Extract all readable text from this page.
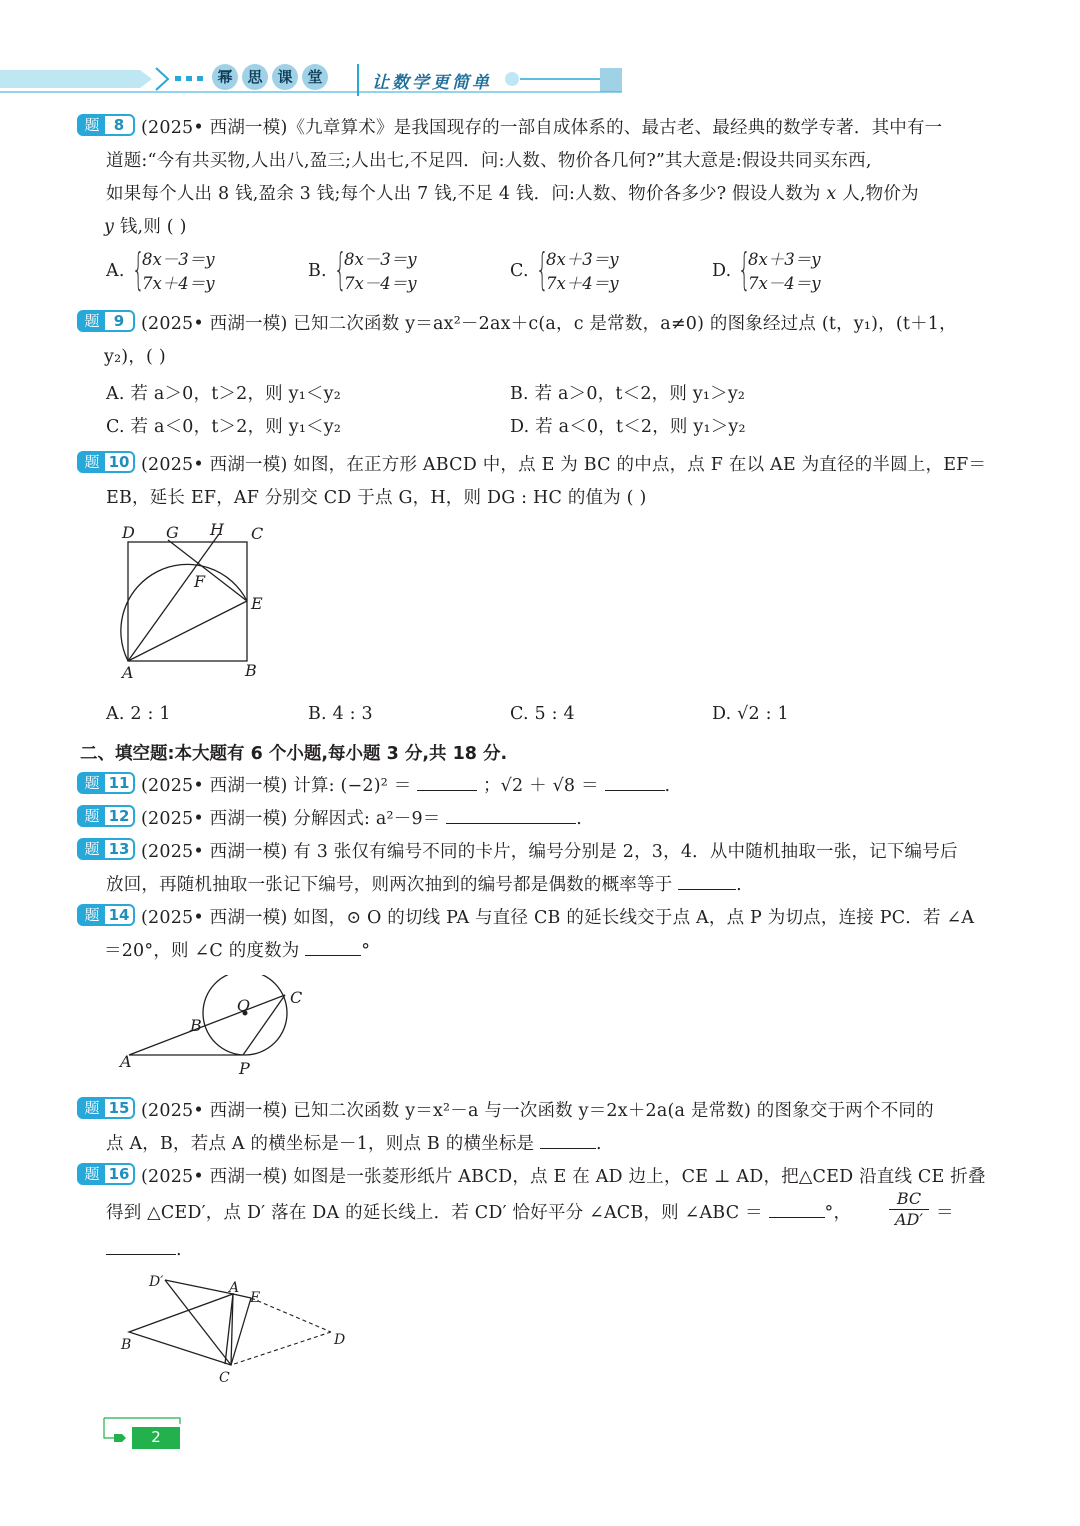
幂 思 课 堂	让数学更简单
题 8 (2025• 西湖一模)《九章算术》是我国现存的一部自成体系的、最古老、最经典的数学专著．其中有一
道题:“今有共买物,人出八,盈三;人出七,不足四．问:人数、物价各几何?”其大意是:假设共同买东西,
如果每个人出 8 钱,盈余 3 钱;每个人出 7 钱,不足 4 钱．问:人数、物价各多少? 假设人数为 x 人,物价为
y 钱,则 ( )
A. {
8x－3＝y
7x＋4＝y
B. {
8x－3＝y
7x－4＝y
C. {
8x＋3＝y
7x＋4＝y
D. {
8x＋3＝y
7x－4＝y
题 9 (2025• 西湖一模) 已知二次函数 y＝ax²－2ax＋c(a，c 是常数，a≠0) 的图象经过点 (t，y₁)，(t＋1，
y₂)，( )
A. 若 a＞0，t＞2，则 y₁＜y₂	B. 若 a＞0，t＜2，则 y₁＞y₂
C. 若 a＜0，t＞2，则 y₁＜y₂	D. 若 a＜0，t＜2，则 y₁＞y₂
题 10 (2025• 西湖一模) 如图，在正方形 ABCD 中，点 E 为 BC 的中点，点 F 在以 AE 为直径的半圆上，EF＝
EB，延长 EF，AF 分别交 CD 于点 G，H，则 DG : HC 的值为 ( )
D G H C
F
E
A	B
A. 2 : 1	B. 4 : 3	C. 5 : 4	D. √2 : 1
二、填空题:本大题有 6 个小题,每小题 3 分,共 18 分.
题 11 (2025• 西湖一模) 计算: (−2)² ＝	；√2 ＋ √8 ＝	.
题 12 (2025• 西湖一模) 分解因式: a²－9＝	.
题 13 (2025• 西湖一模) 有 3 张仅有编号不同的卡片，编号分别是 2，3，4．从中随机抽取一张，记下编号后
放回，再随机抽取一张记下编号，则两次抽到的编号都是偶数的概率等于	.
题 14 (2025• 西湖一模) 如图，⊙ O 的切线 PA 与直径 CB 的延长线交于点 A，点 P 为切点，连接 PC．若 ∠A
＝20°，则 ∠C 的度数为	°
O C
B
A	P
题 15 (2025• 西湖一模) 已知二次函数 y＝x²－a 与一次函数 y＝2x＋2a(a 是常数) 的图象交于两个不同的
点 A，B，若点 A 的横坐标是－1，则点 B 的横坐标是	.
题 16 (2025• 西湖一模) 如图是一张菱形纸片 ABCD，点 E 在 AD 边上，CE ⊥ AD，把△CED 沿直线 CE 折叠
得到 △CED′，点 D′ 落在 DA 的延长线上．若 CD′ 恰好平分 ∠ACB，则 ∠ABC ＝	°，
BC
AD′ ＝
.
D′	A
E
B	D
C
2
